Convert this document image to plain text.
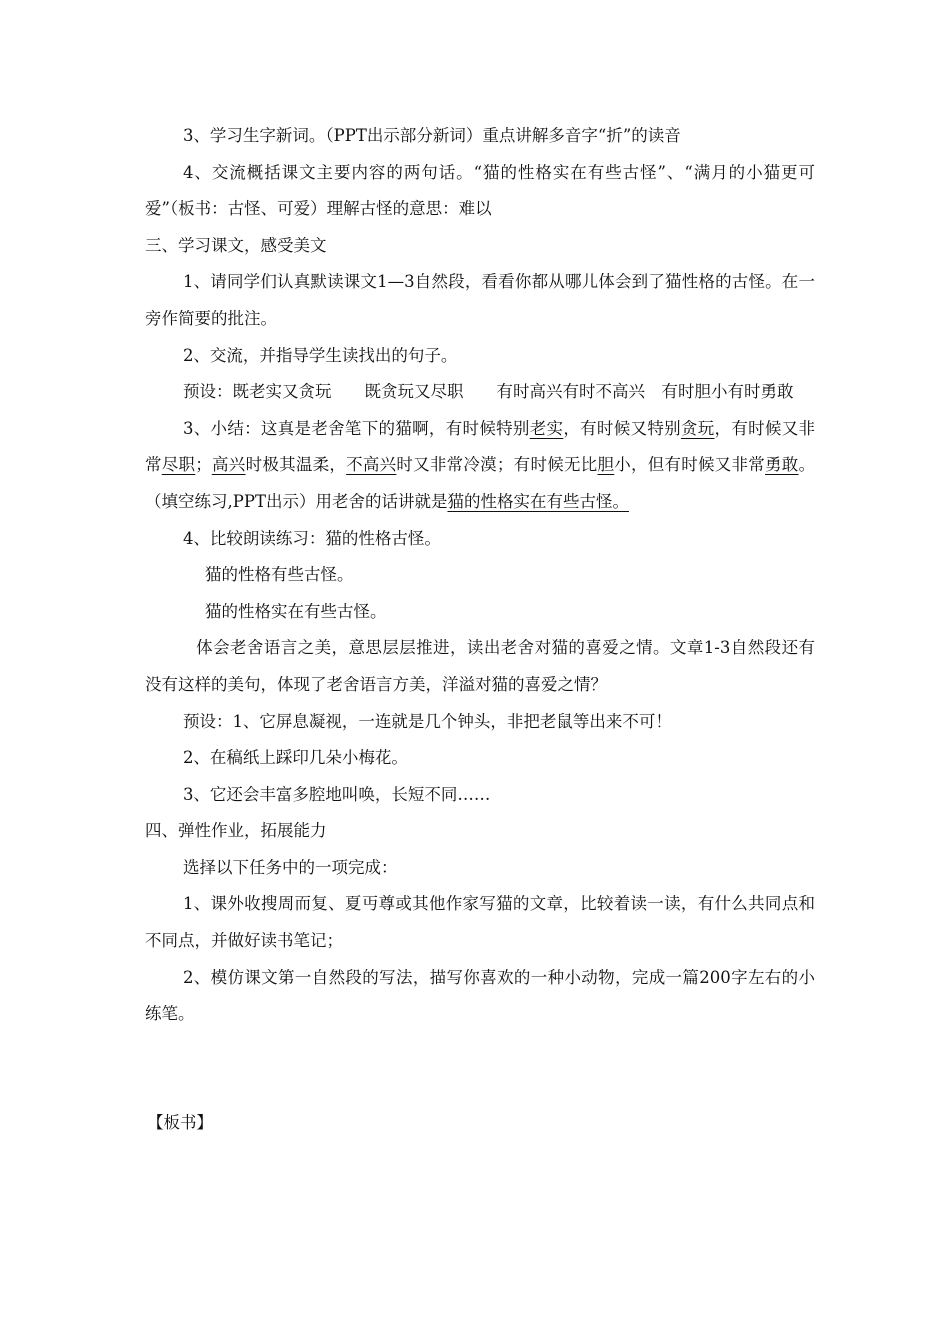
3、学习生字新词。（PPT出示部分新词）重点讲解多音字“折”的读音

4、交流概括课文主要内容的两句话。“猫的性格实在有些古怪”、“满月的小猫更可爱”（板书：古怪、可爱）理解古怪的意思：难以

三、学习课文，感受美文

1、请同学们认真默读课文1—3自然段，看看你都从哪儿体会到了猫性格的古怪。在一旁作简要的批注。

2、交流，并指导学生读找出的句子。

预设：既老实又贪玩　　既贪玩又尽职　　有时高兴有时不高兴　有时胆小有时勇敢

3、小结：这真是老舍笔下的猫啊，有时候特别老实，有时候又特别贪玩，有时候又非常尽职；高兴时极其温柔，不高兴时又非常冷漠；有时候无比胆小，但有时候又非常勇敢。（填空练习,PPT出示）用老舍的话讲就是猫的性格实在有些古怪。

4、比较朗读练习：猫的性格古怪。

猫的性格有些古怪。

猫的性格实在有些古怪。

体会老舍语言之美，意思层层推进，读出老舍对猫的喜爱之情。文章1-3自然段还有没有这样的美句，体现了老舍语言方美，洋溢对猫的喜爱之情？

预设：1、它屏息凝视，一连就是几个钟头，非把老鼠等出来不可！

2、在稿纸上踩印几朵小梅花。

3、它还会丰富多腔地叫唤，长短不同……

四、弹性作业，拓展能力

选择以下任务中的一项完成：

1、课外收搜周而复、夏丏尊或其他作家写猫的文章，比较着读一读，有什么共同点和不同点，并做好读书笔记；

2、模仿课文第一自然段的写法，描写你喜欢的一种小动物，完成一篇200字左右的小练笔。

【板书】
